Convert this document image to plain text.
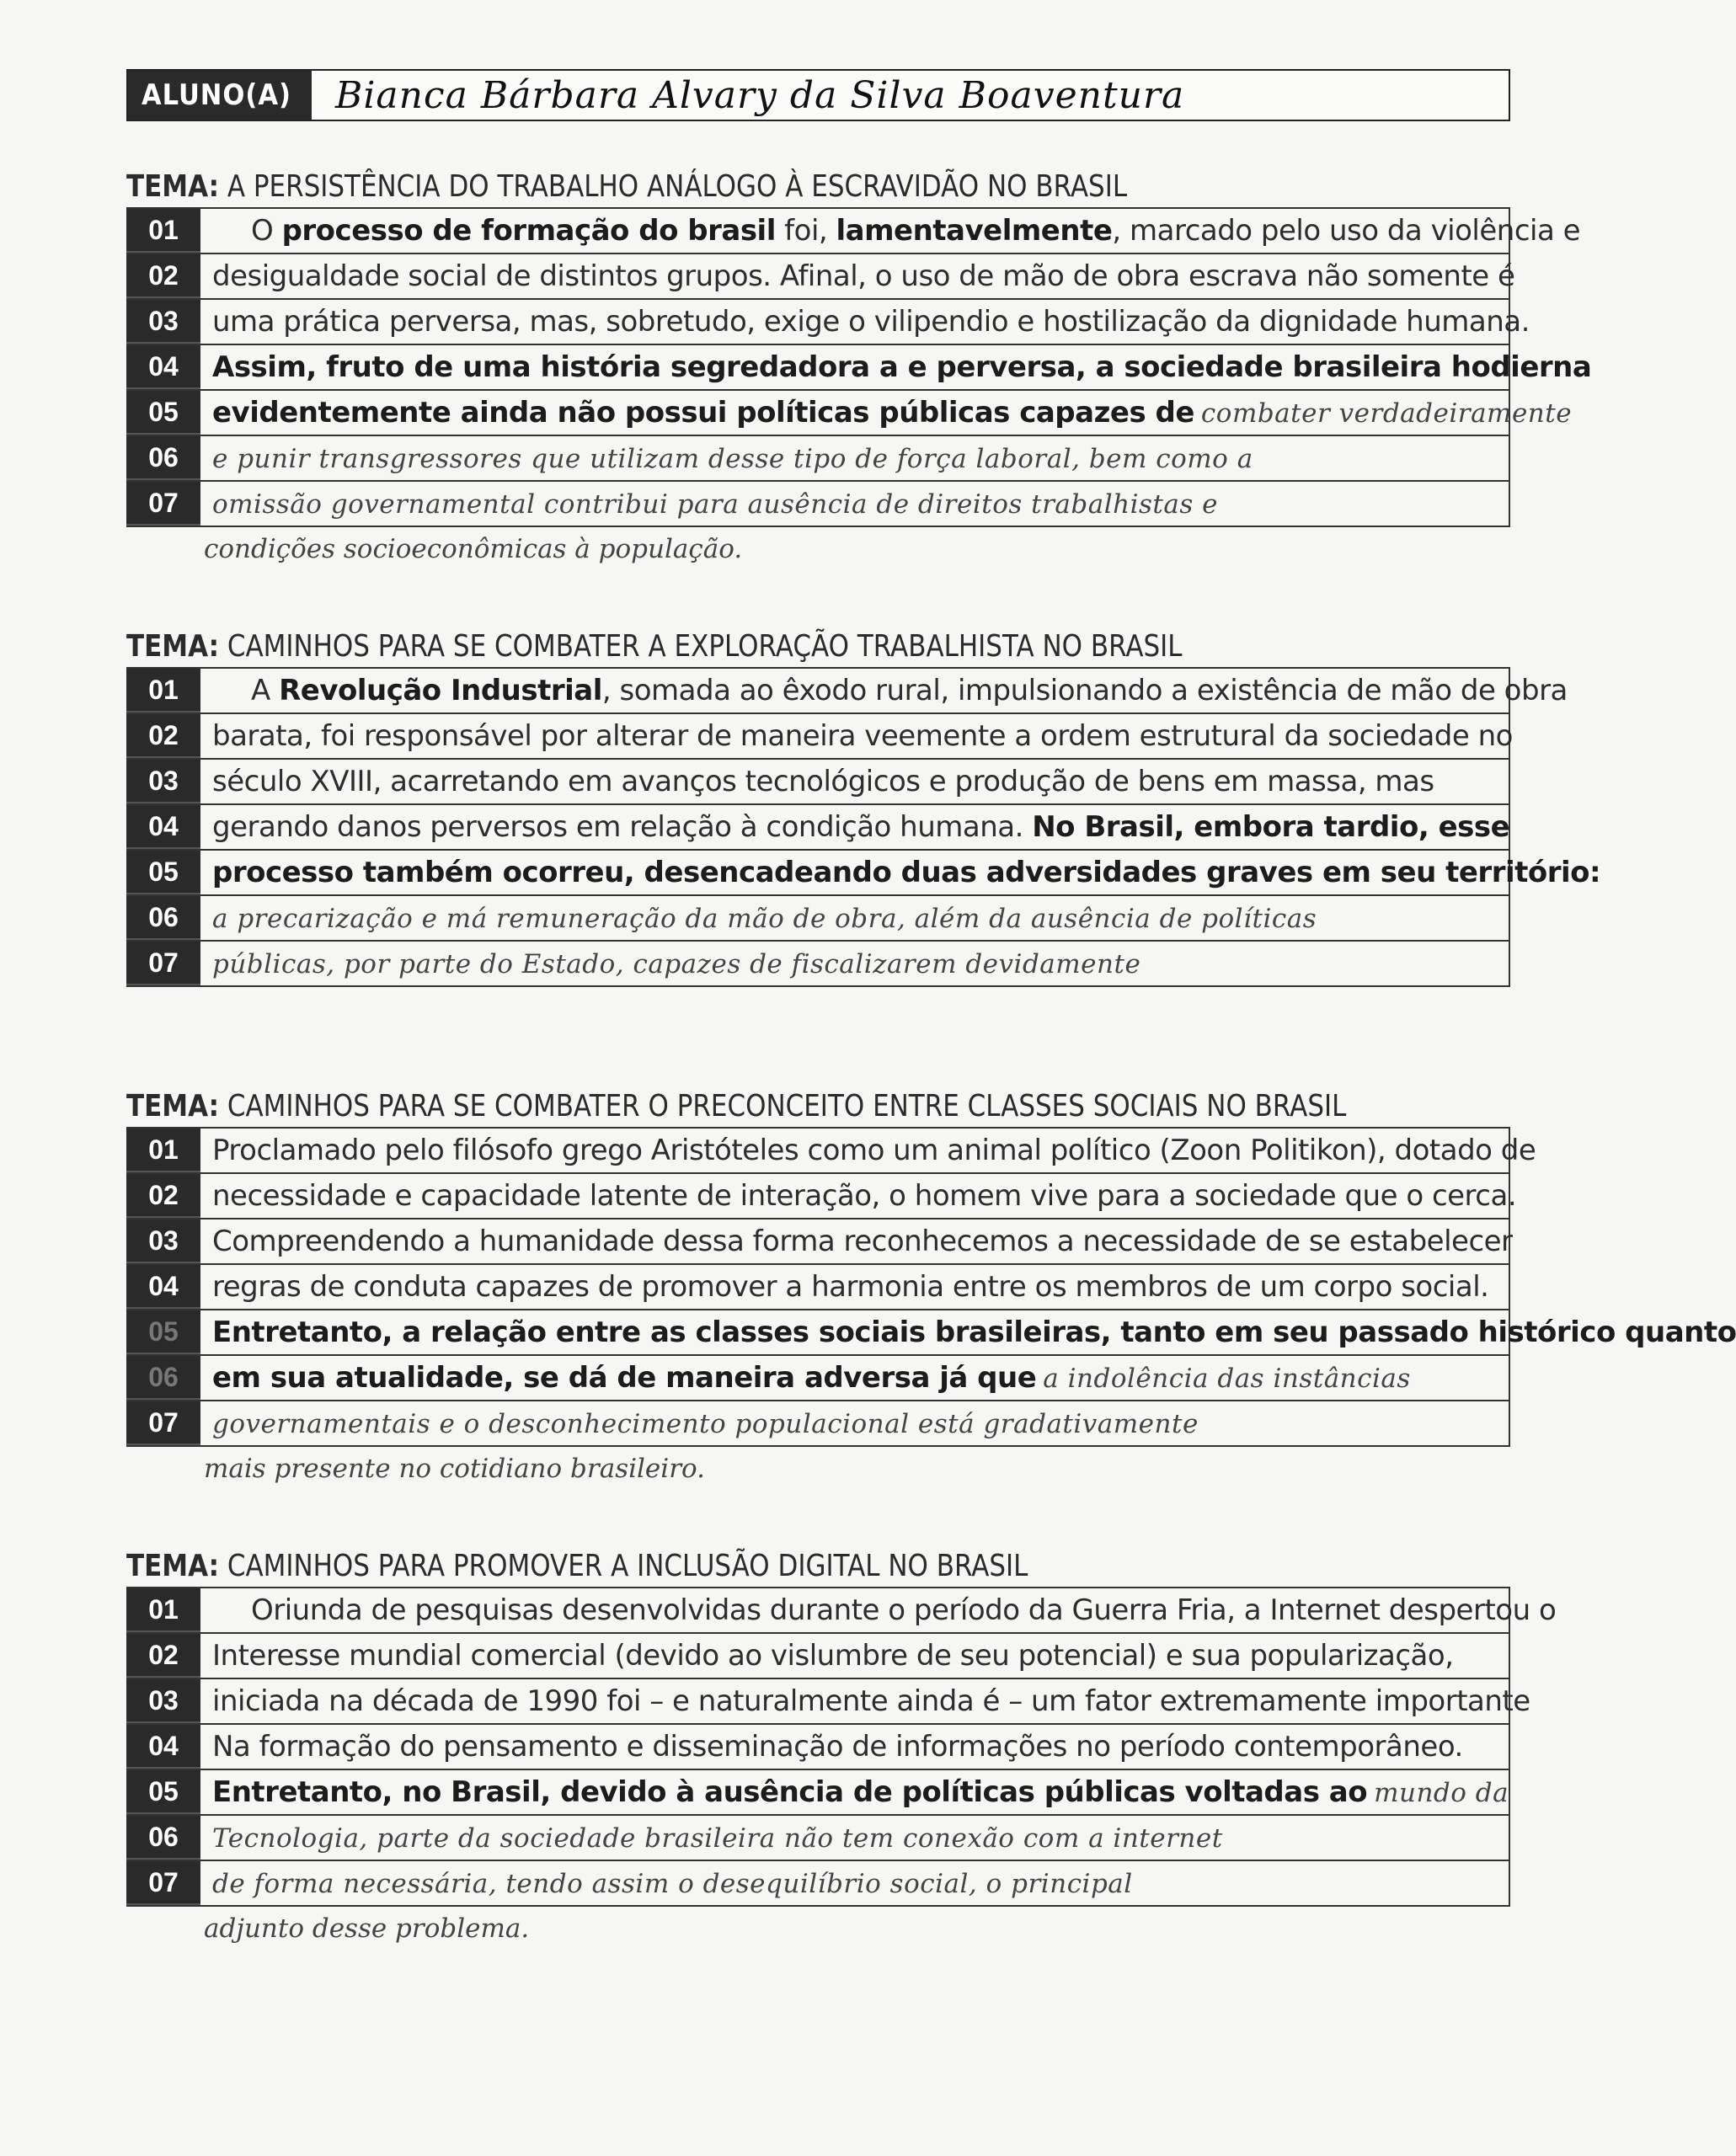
ALUNO(A)	Bianca Bárbara Alvary da Silva Boaventura
TEMA: A PERSISTÊNCIA DO TRABALHO ANÁLOGO À ESCRAVIDÃO NO BRASIL
01	O processo de formação do brasil foi, lamentavelmente, marcado pelo uso da violência e
02	desigualdade social de distintos grupos. Afinal, o uso de mão de obra escrava não somente é
03	uma prática perversa, mas, sobretudo, exige o vilipendio e hostilização da dignidade humana.
04	Assim, fruto de uma história segredadora a e perversa, a sociedade brasileira hodierna
05	evidentemente ainda não possui políticas públicas capazes de combater verdadeiramente
06	e punir transgressores que utilizam desse tipo de força laboral, bem como a
07	omissão governamental contribui para ausência de direitos trabalhistas e
condições socioeconômicas à população.
TEMA: CAMINHOS PARA SE COMBATER A EXPLORAÇÃO TRABALHISTA NO BRASIL
01	A Revolução Industrial, somada ao êxodo rural, impulsionando a existência de mão de obra
02	barata, foi responsável por alterar de maneira veemente a ordem estrutural da sociedade no
03	século XVIII, acarretando em avanços tecnológicos e produção de bens em massa, mas
04	gerando danos perversos em relação à condição humana. No Brasil, embora tardio, esse
05	processo também ocorreu, desencadeando duas adversidades graves em seu território:
06	a precarização e má remuneração da mão de obra, além da ausência de políticas
07	públicas, por parte do Estado, capazes de fiscalizarem devidamente
TEMA: CAMINHOS PARA SE COMBATER O PRECONCEITO ENTRE CLASSES SOCIAIS NO BRASIL
01	Proclamado pelo filósofo grego Aristóteles como um animal político (Zoon Politikon), dotado de
02	necessidade e capacidade latente de interação, o homem vive para a sociedade que o cerca.
03	Compreendendo a humanidade dessa forma reconhecemos a necessidade de se estabelecer
04	regras de conduta capazes de promover a harmonia entre os membros de um corpo social.
05	Entretanto, a relação entre as classes sociais brasileiras, tanto em seu passado histórico quanto
06	em sua atualidade, se dá de maneira adversa já que a indolência das instâncias
07	governamentais e o desconhecimento populacional está gradativamente
mais presente no cotidiano brasileiro.
TEMA: CAMINHOS PARA PROMOVER A INCLUSÃO DIGITAL NO BRASIL
01	Oriunda de pesquisas desenvolvidas durante o período da Guerra Fria, a Internet despertou o
02	Interesse mundial comercial (devido ao vislumbre de seu potencial) e sua popularização,
03	iniciada na década de 1990 foi – e naturalmente ainda é – um fator extremamente importante
04	Na formação do pensamento e disseminação de informações no período contemporâneo.
05	Entretanto, no Brasil, devido à ausência de políticas públicas voltadas ao mundo da
06	Tecnologia, parte da sociedade brasileira não tem conexão com a internet
07	de forma necessária, tendo assim o desequilíbrio social, o principal
adjunto desse problema.
